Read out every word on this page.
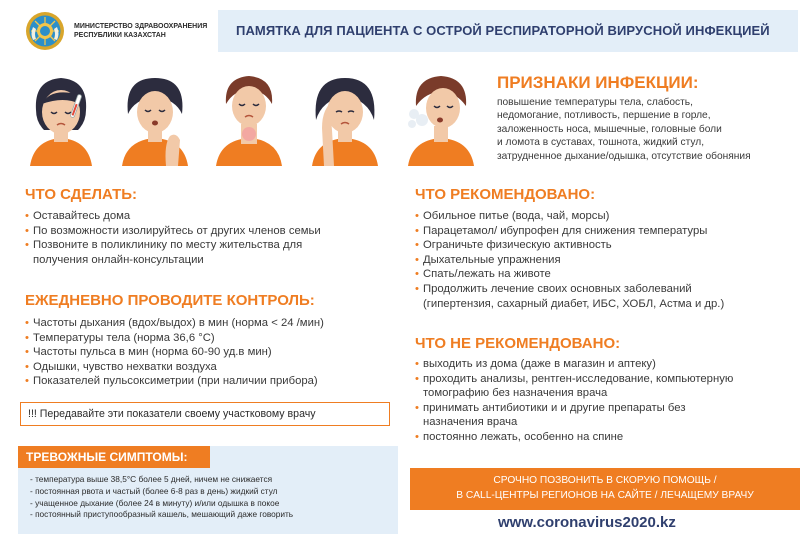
МИНИСТЕРСТВО ЗДРАВООХРАНЕНИЯ
РЕСПУБЛИКИ КАЗАХСТАН	ПАМЯТКА ДЛЯ ПАЦИЕНТА С ОСТРОЙ РЕСПИРАТОРНОЙ ВИРУСНОЙ ИНФЕКЦИЕЙ
ПРИЗНАКИ ИНФЕКЦИИ:
повышение температуры тела, слабость,
недомогание, потливость, першение в горле,
заложенность носа, мышечные, головные боли
и ломота в суставах, тошнота, жидкий стул,
затрудненное дыхание/одышка, отсутствие обоняния
ЧТО СДЕЛАТЬ:
• Оставайтесь дома
• По возможности изолируйтесь от других членов семьи
• Позвоните в поликлинику по месту жительства для
получения онлайн-консультации
ЕЖЕДНЕВНО ПРОВОДИТЕ КОНТРОЛЬ:
• Частоты дыхания (вдох/выдох) в мин (норма < 24 /мин)
• Температуры тела (норма 36,6 °С)
• Частоты пульса в мин (норма 60-90 уд.в мин)
• Одышки, чувство нехватки воздуха
• Показателей пульсоксиметрии (при наличии прибора)
!!! Передавайте эти показатели своему участковому врачу
ЧТО РЕКОМЕНДОВАНО:
• Обильное питье (вода, чай, морсы)
• Парацетамол/ ибупрофен для снижения температуры
• Ограничьте физическую активность
• Дыхательные упражнения
• Спать/лежать на животе
• Продолжить лечение своих основных заболеваний
(гипертензия, сахарный диабет, ИБС, ХОБЛ, Астма и др.)
ЧТО НЕ РЕКОМЕНДОВАНО:
• выходить из дома (даже в магазин и аптеку)
• проходить анализы, рентген-исследование, компьютерную
томографию без назначения врача
• принимать антибиотики и и другие препараты без
назначения врача
• постоянно лежать, особенно на спине
ТРЕВОЖНЫЕ СИМПТОМЫ:
- температура выше 38,5°С более 5 дней, ничем не снижается
- постоянная рвота и частый (более 6-8 раз в день) жидкий стул
- учащенное дыхание (более 24 в минуту) и/или одышка в покое
- постоянный приступообразный кашель, мешающий даже говорить
СРОЧНО ПОЗВОНИТЬ В СКОРУЮ ПОМОЩЬ /
В CALL-ЦЕНТРЫ РЕГИОНОВ НА САЙТЕ / ЛЕЧАЩЕМУ ВРАЧУ
www.coronavirus2020.kz
